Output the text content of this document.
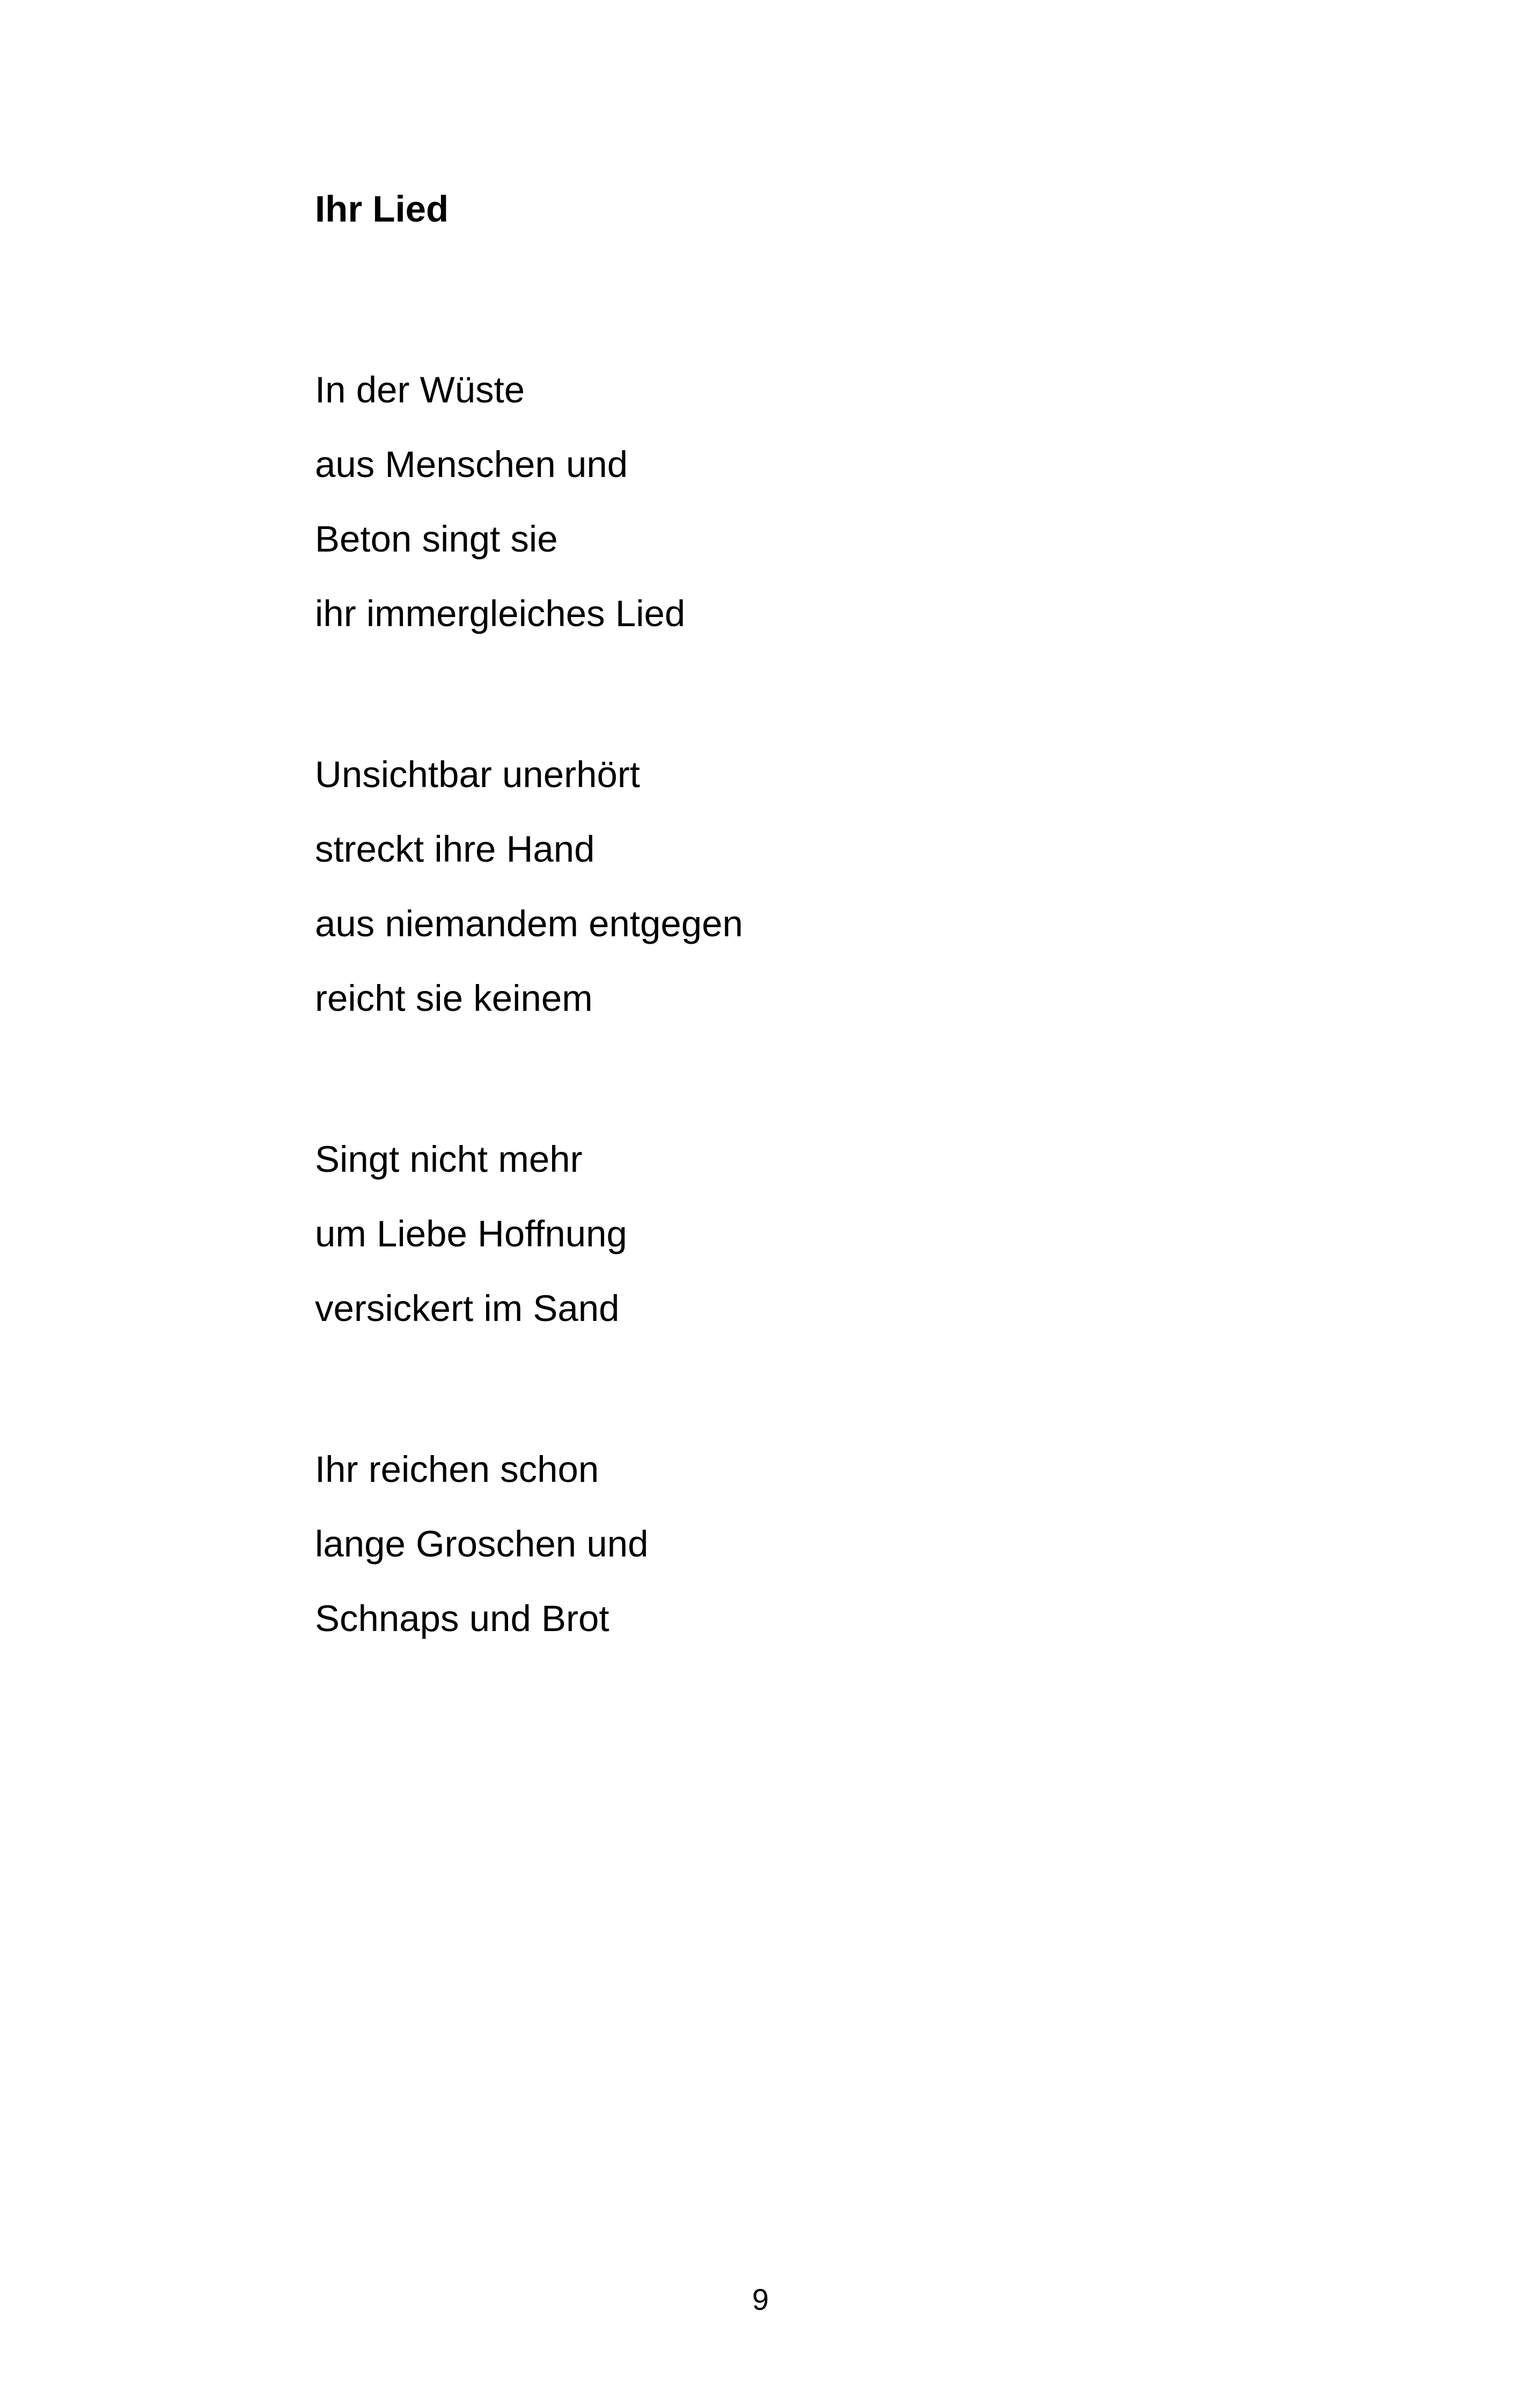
Ihr Lied
In der Wüste
aus Menschen und
Beton singt sie
ihr immergleiches Lied
Unsichtbar unerhört
streckt ihre Hand
aus niemandem entgegen
reicht sie keinem
Singt nicht mehr
um Liebe Hoffnung
versickert im Sand
Ihr reichen schon
lange Groschen und
Schnaps und Brot
9
